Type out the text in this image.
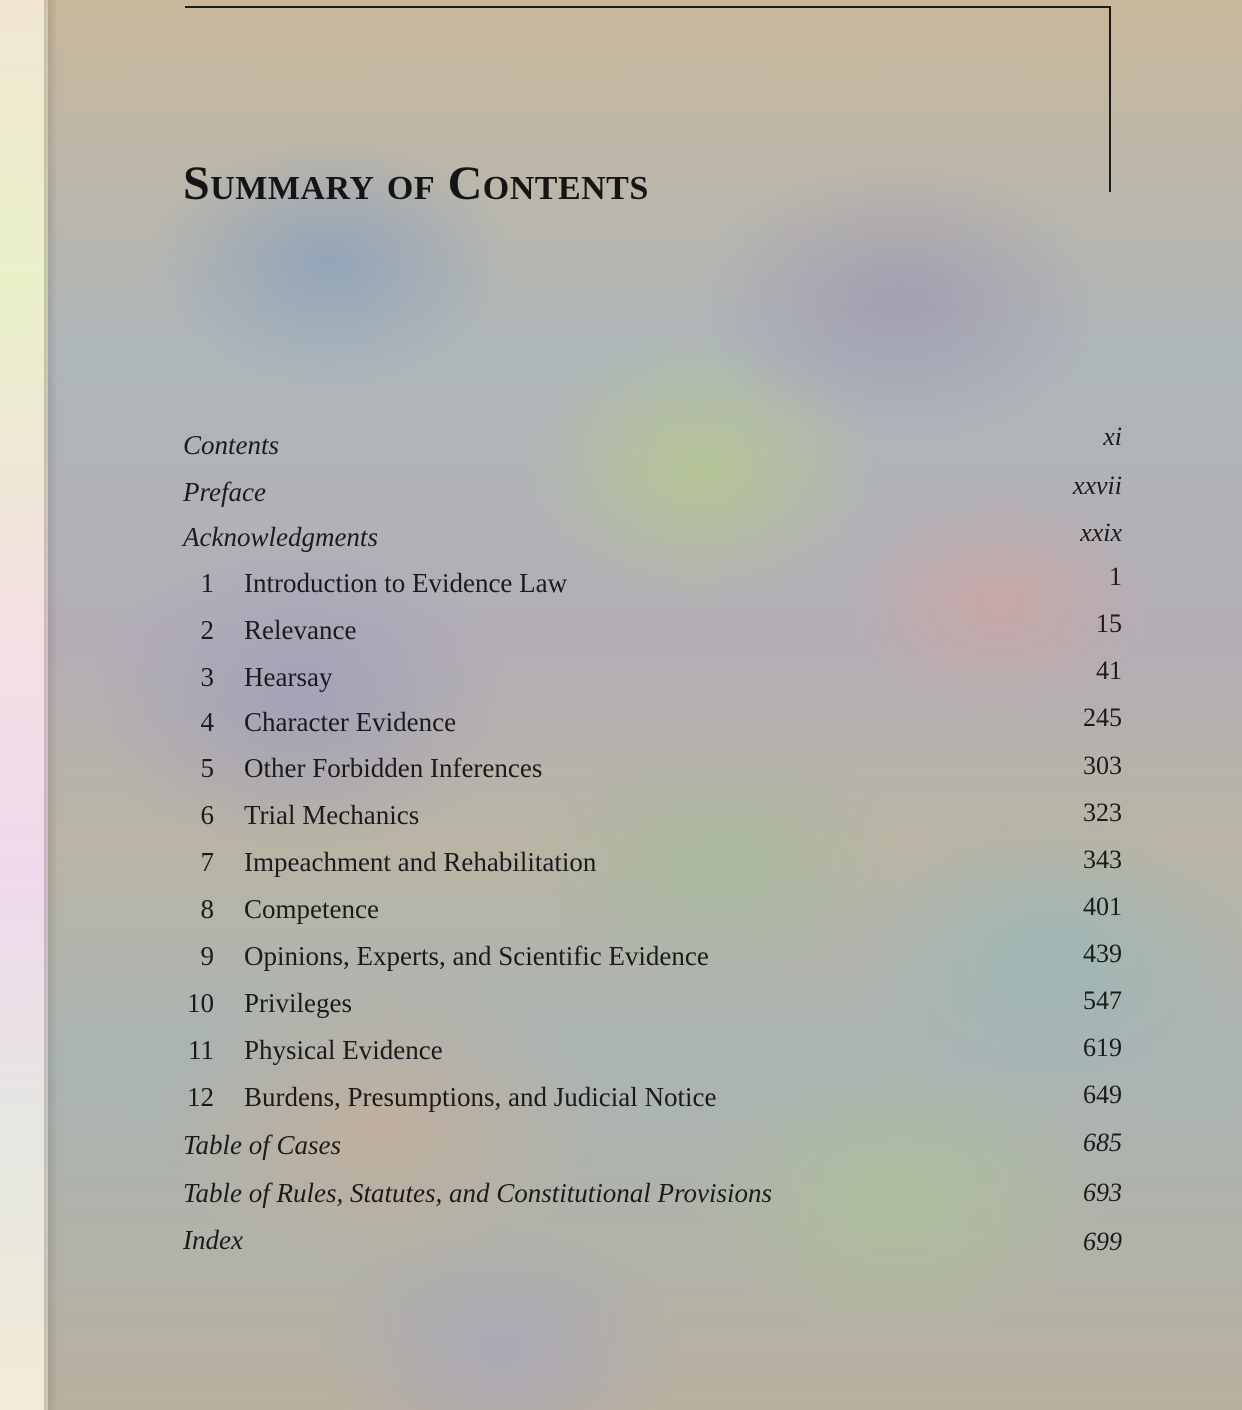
Summary of Contents
Contents	xi
Preface	xxvii
Acknowledgments	xxix
1 Introduction to Evidence Law	1
2 Relevance	15
3 Hearsay	41
4 Character Evidence	245
5 Other Forbidden Inferences	303
6 Trial Mechanics	323
7 Impeachment and Rehabilitation	343
8 Competence	401
9 Opinions, Experts, and Scientific Evidence	439
10 Privileges	547
11 Physical Evidence	619
12 Burdens, Presumptions, and Judicial Notice	649
Table of Cases	685
Table of Rules, Statutes, and Constitutional Provisions	693
Index	699
